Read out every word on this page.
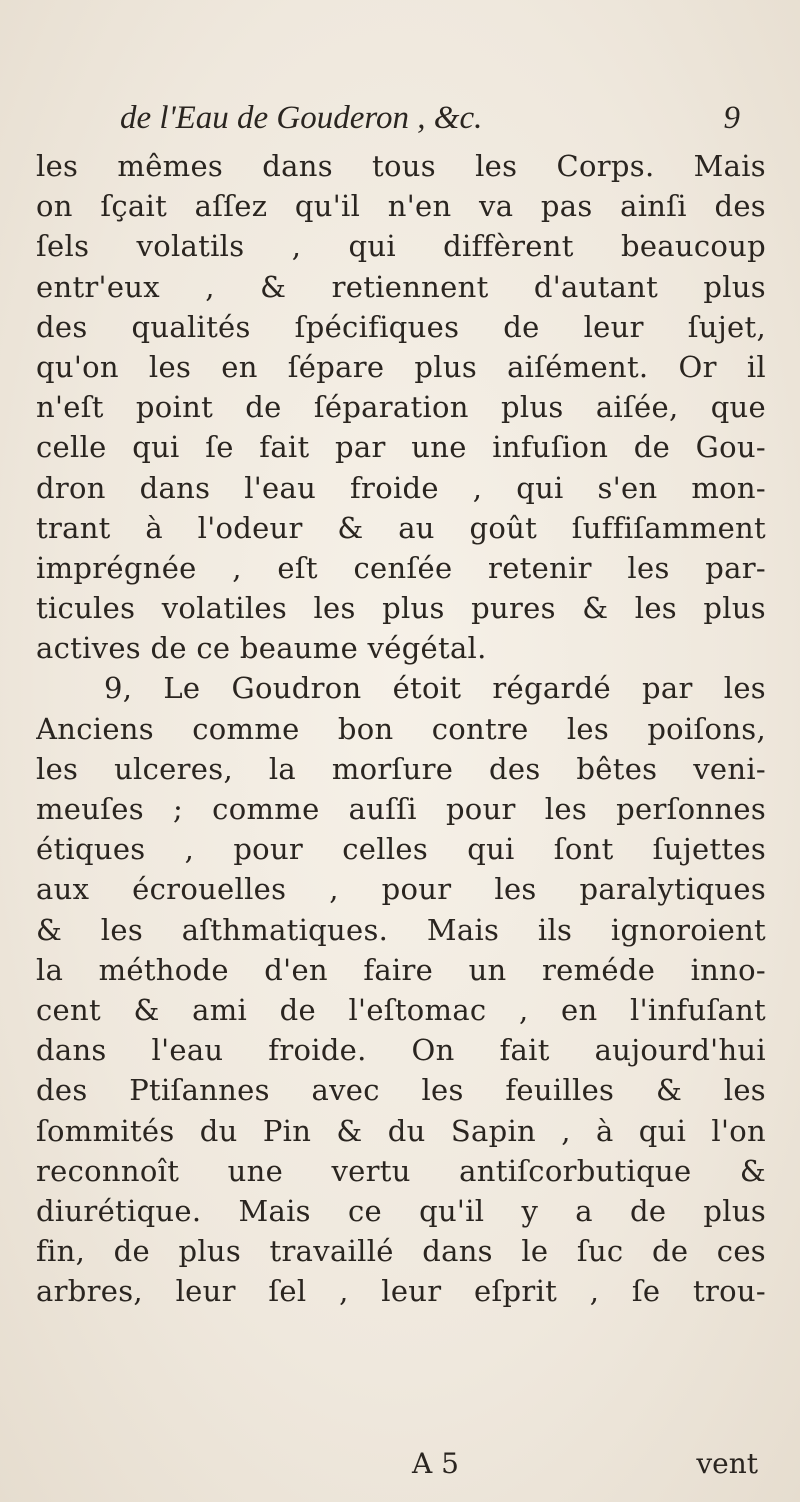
de l'Eau de Gouderon , &c.	9
les mêmes dans tous les Corps. Mais
on ſçait aſſez qu'il n'en va pas ainſi des
ſels volatils , qui diffèrent beaucoup
entr'eux , & retiennent d'autant plus
des qualités ſpécifiques de leur ſujet,
qu'on les en ſépare plus aiſément. Or il
n'eſt point de ſéparation plus aiſée, que
celle qui ſe fait par une infuſion de Gou-
dron dans l'eau froide , qui s'en mon-
trant à l'odeur & au goût ſuffiſamment
imprégnée , eſt cenſée retenir les par-
ticules volatiles les plus pures & les plus
actives de ce beaume végétal.
9, Le Goudron étoit régardé par les
Anciens comme bon contre les poiſons,
les ulceres, la morſure des bêtes veni-
meuſes ; comme auſſi pour les perſonnes
étiques , pour celles qui ſont ſujettes
aux écrouelles , pour les paralytiques
& les aſthmatiques. Mais ils ignoroient
la méthode d'en faire un reméde inno-
cent & ami de l'eſtomac , en l'infuſant
dans l'eau froide. On fait aujourd'hui
des Ptiſannes avec les feuilles & les
ſommités du Pin & du Sapin , à qui l'on
reconnoît une vertu antiſcorbutique &
diurétique. Mais ce qu'il y a de plus
fin, de plus travaillé dans le ſuc de ces
arbres, leur ſel , leur eſprit , ſe trou-
A 5	vent
